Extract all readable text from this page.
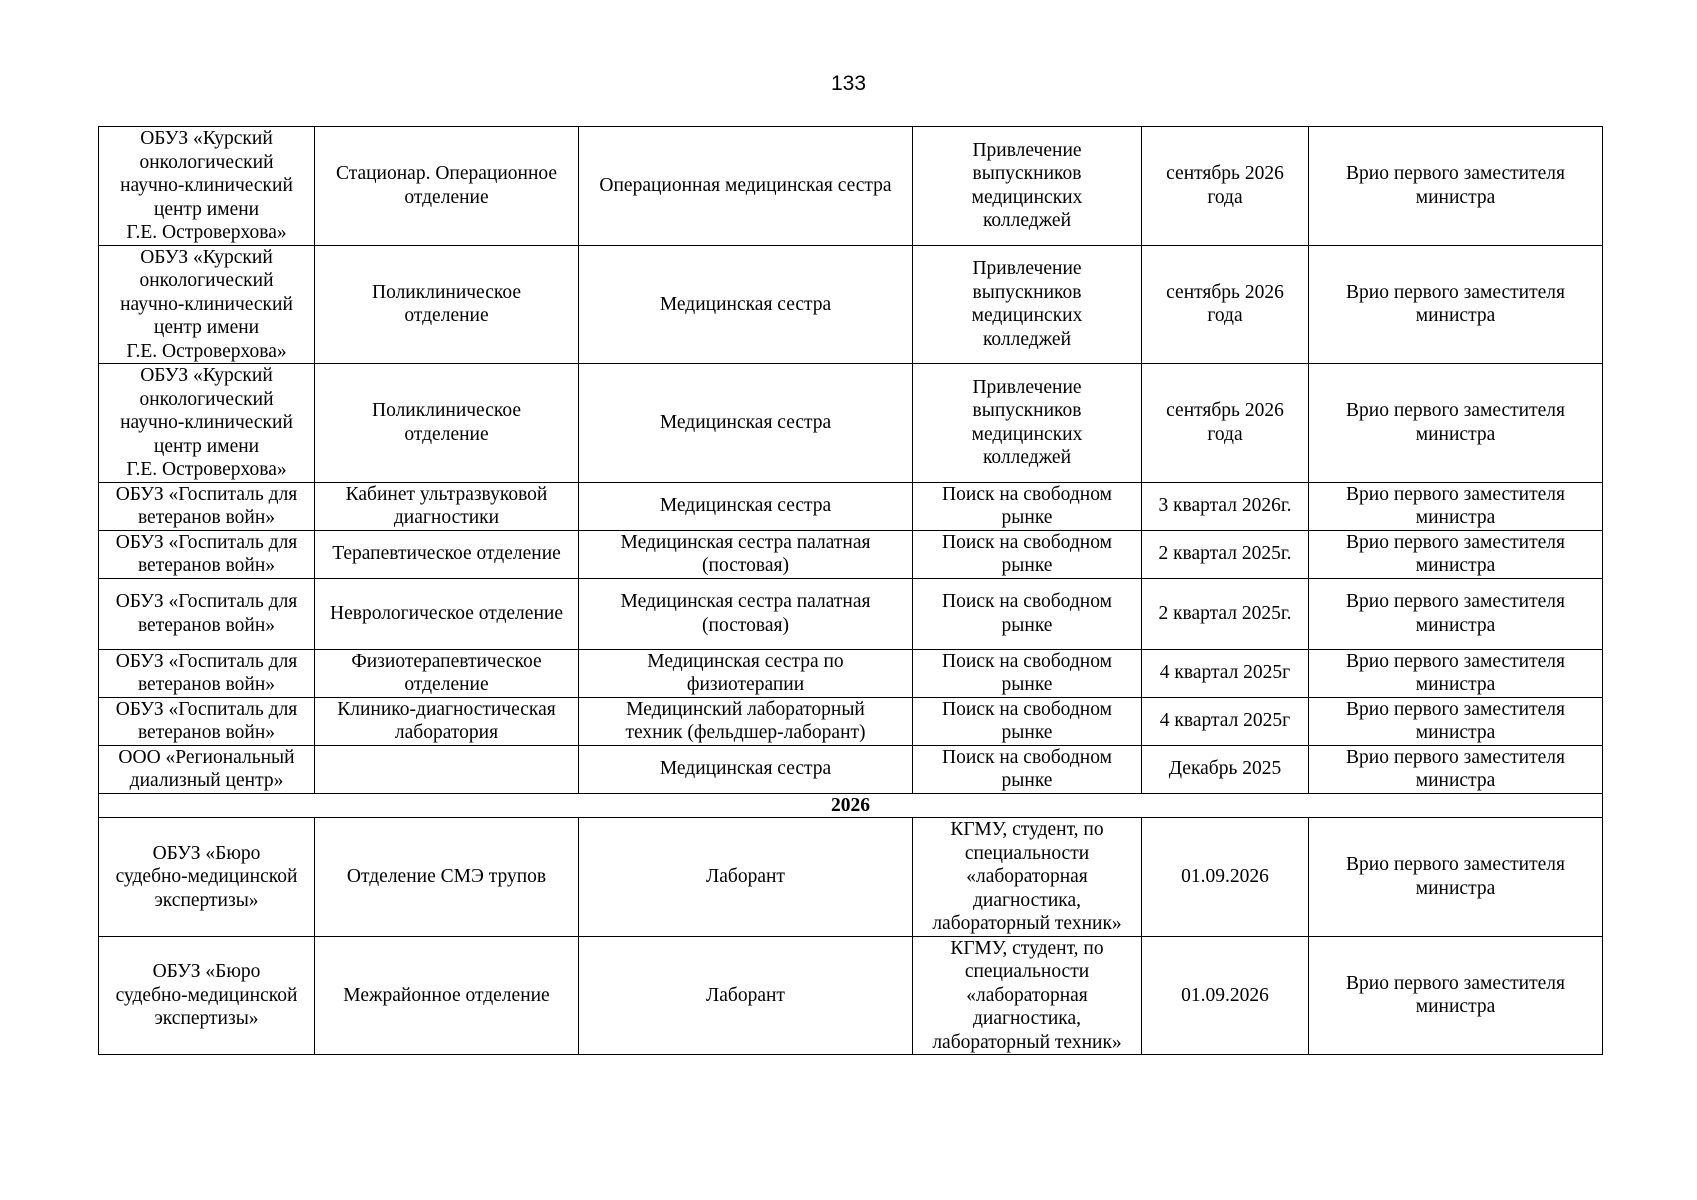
133
ОБУЗ «Курский
онкологический
научно-клинический
центр имени
Г.Е. Островерхова»	Стационар. Операционное
отделение	Операционная медицинская сестра	Привлечение
выпускников
медицинских
колледжей	сентябрь 2026
года	Врио первого заместителя
министра
ОБУЗ «Курский
онкологический
научно-клинический
центр имени
Г.Е. Островерхова»	Поликлиническое
отделение	Медицинская сестра	Привлечение
выпускников
медицинских
колледжей	сентябрь 2026
года	Врио первого заместителя
министра
ОБУЗ «Курский
онкологический
научно-клинический
центр имени
Г.Е. Островерхова»	Поликлиническое
отделение	Медицинская сестра	Привлечение
выпускников
медицинских
колледжей	сентябрь 2026
года	Врио первого заместителя
министра
ОБУЗ «Госпиталь для
ветеранов войн»	Кабинет ультразвуковой
диагностики	Медицинская сестра	Поиск на свободном
рынке	3 квартал 2026г.	Врио первого заместителя
министра
ОБУЗ «Госпиталь для
ветеранов войн»	Терапевтическое отделение	Медицинская сестра палатная
(постовая)	Поиск на свободном
рынке	2 квартал 2025г.	Врио первого заместителя
министра
ОБУЗ «Госпиталь для
ветеранов войн»	Неврологическое отделение	Медицинская сестра палатная
(постовая)	Поиск на свободном
рынке	2 квартал 2025г.	Врио первого заместителя
министра
ОБУЗ «Госпиталь для
ветеранов войн»	Физиотерапевтическое
отделение	Медицинская сестра по
физиотерапии	Поиск на свободном
рынке	4 квартал 2025г	Врио первого заместителя
министра
ОБУЗ «Госпиталь для
ветеранов войн»	Клинико-диагностическая
лаборатория	Медицинский лабораторный
техник (фельдшер-лаборант)	Поиск на свободном
рынке	4 квартал 2025г	Врио первого заместителя
министра
ООО «Региональный
диализный центр»		Медицинская сестра	Поиск на свободном
рынке	Декабрь 2025	Врио первого заместителя
министра
2026					
ОБУЗ «Бюро
судебно-медицинской
экспертизы»	Отделение СМЭ трупов	Лаборант	КГМУ, студент, по
специальности
«лабораторная
диагностика,
лабораторный техник»	01.09.2026	Врио первого заместителя
министра
ОБУЗ «Бюро
судебно-медицинской
экспертизы»	Межрайонное отделение	Лаборант	КГМУ, студент, по
специальности
«лабораторная
диагностика,
лабораторный техник»	01.09.2026	Врио первого заместителя
министра
